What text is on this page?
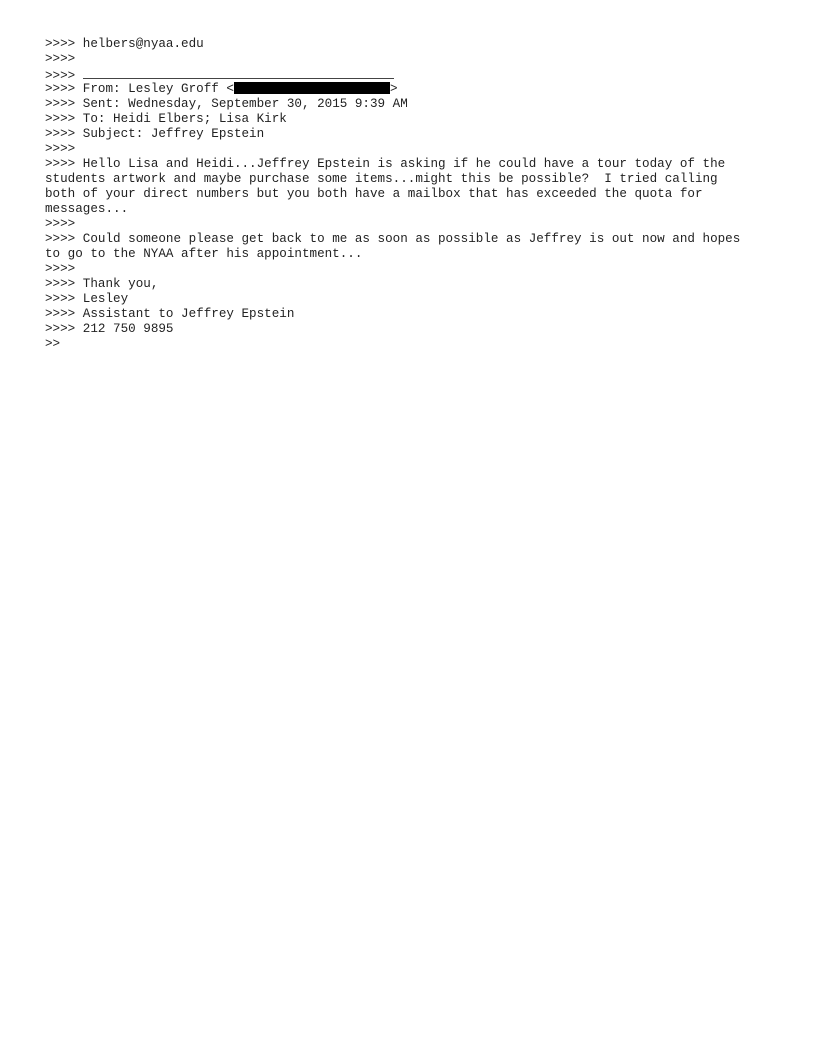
>>>> helbers@nyaa.edu
>>>>
>>>>
>>>> From: Lesley Groff <	>
>>>> Sent: Wednesday, September 30, 2015 9:39 AM
>>>> To: Heidi Elbers; Lisa Kirk
>>>> Subject: Jeffrey Epstein
>>>>
>>>> Hello Lisa and Heidi...Jeffrey Epstein is asking if he could have a tour today of the
students artwork and maybe purchase some items...might this be possible?  I tried calling
both of your direct numbers but you both have a mailbox that has exceeded the quota for
messages...
>>>>
>>>> Could someone please get back to me as soon as possible as Jeffrey is out now and hopes
to go to the NYAA after his appointment...
>>>>
>>>> Thank you,
>>>> Lesley
>>>> Assistant to Jeffrey Epstein
>>>> 212 750 9895
>>
